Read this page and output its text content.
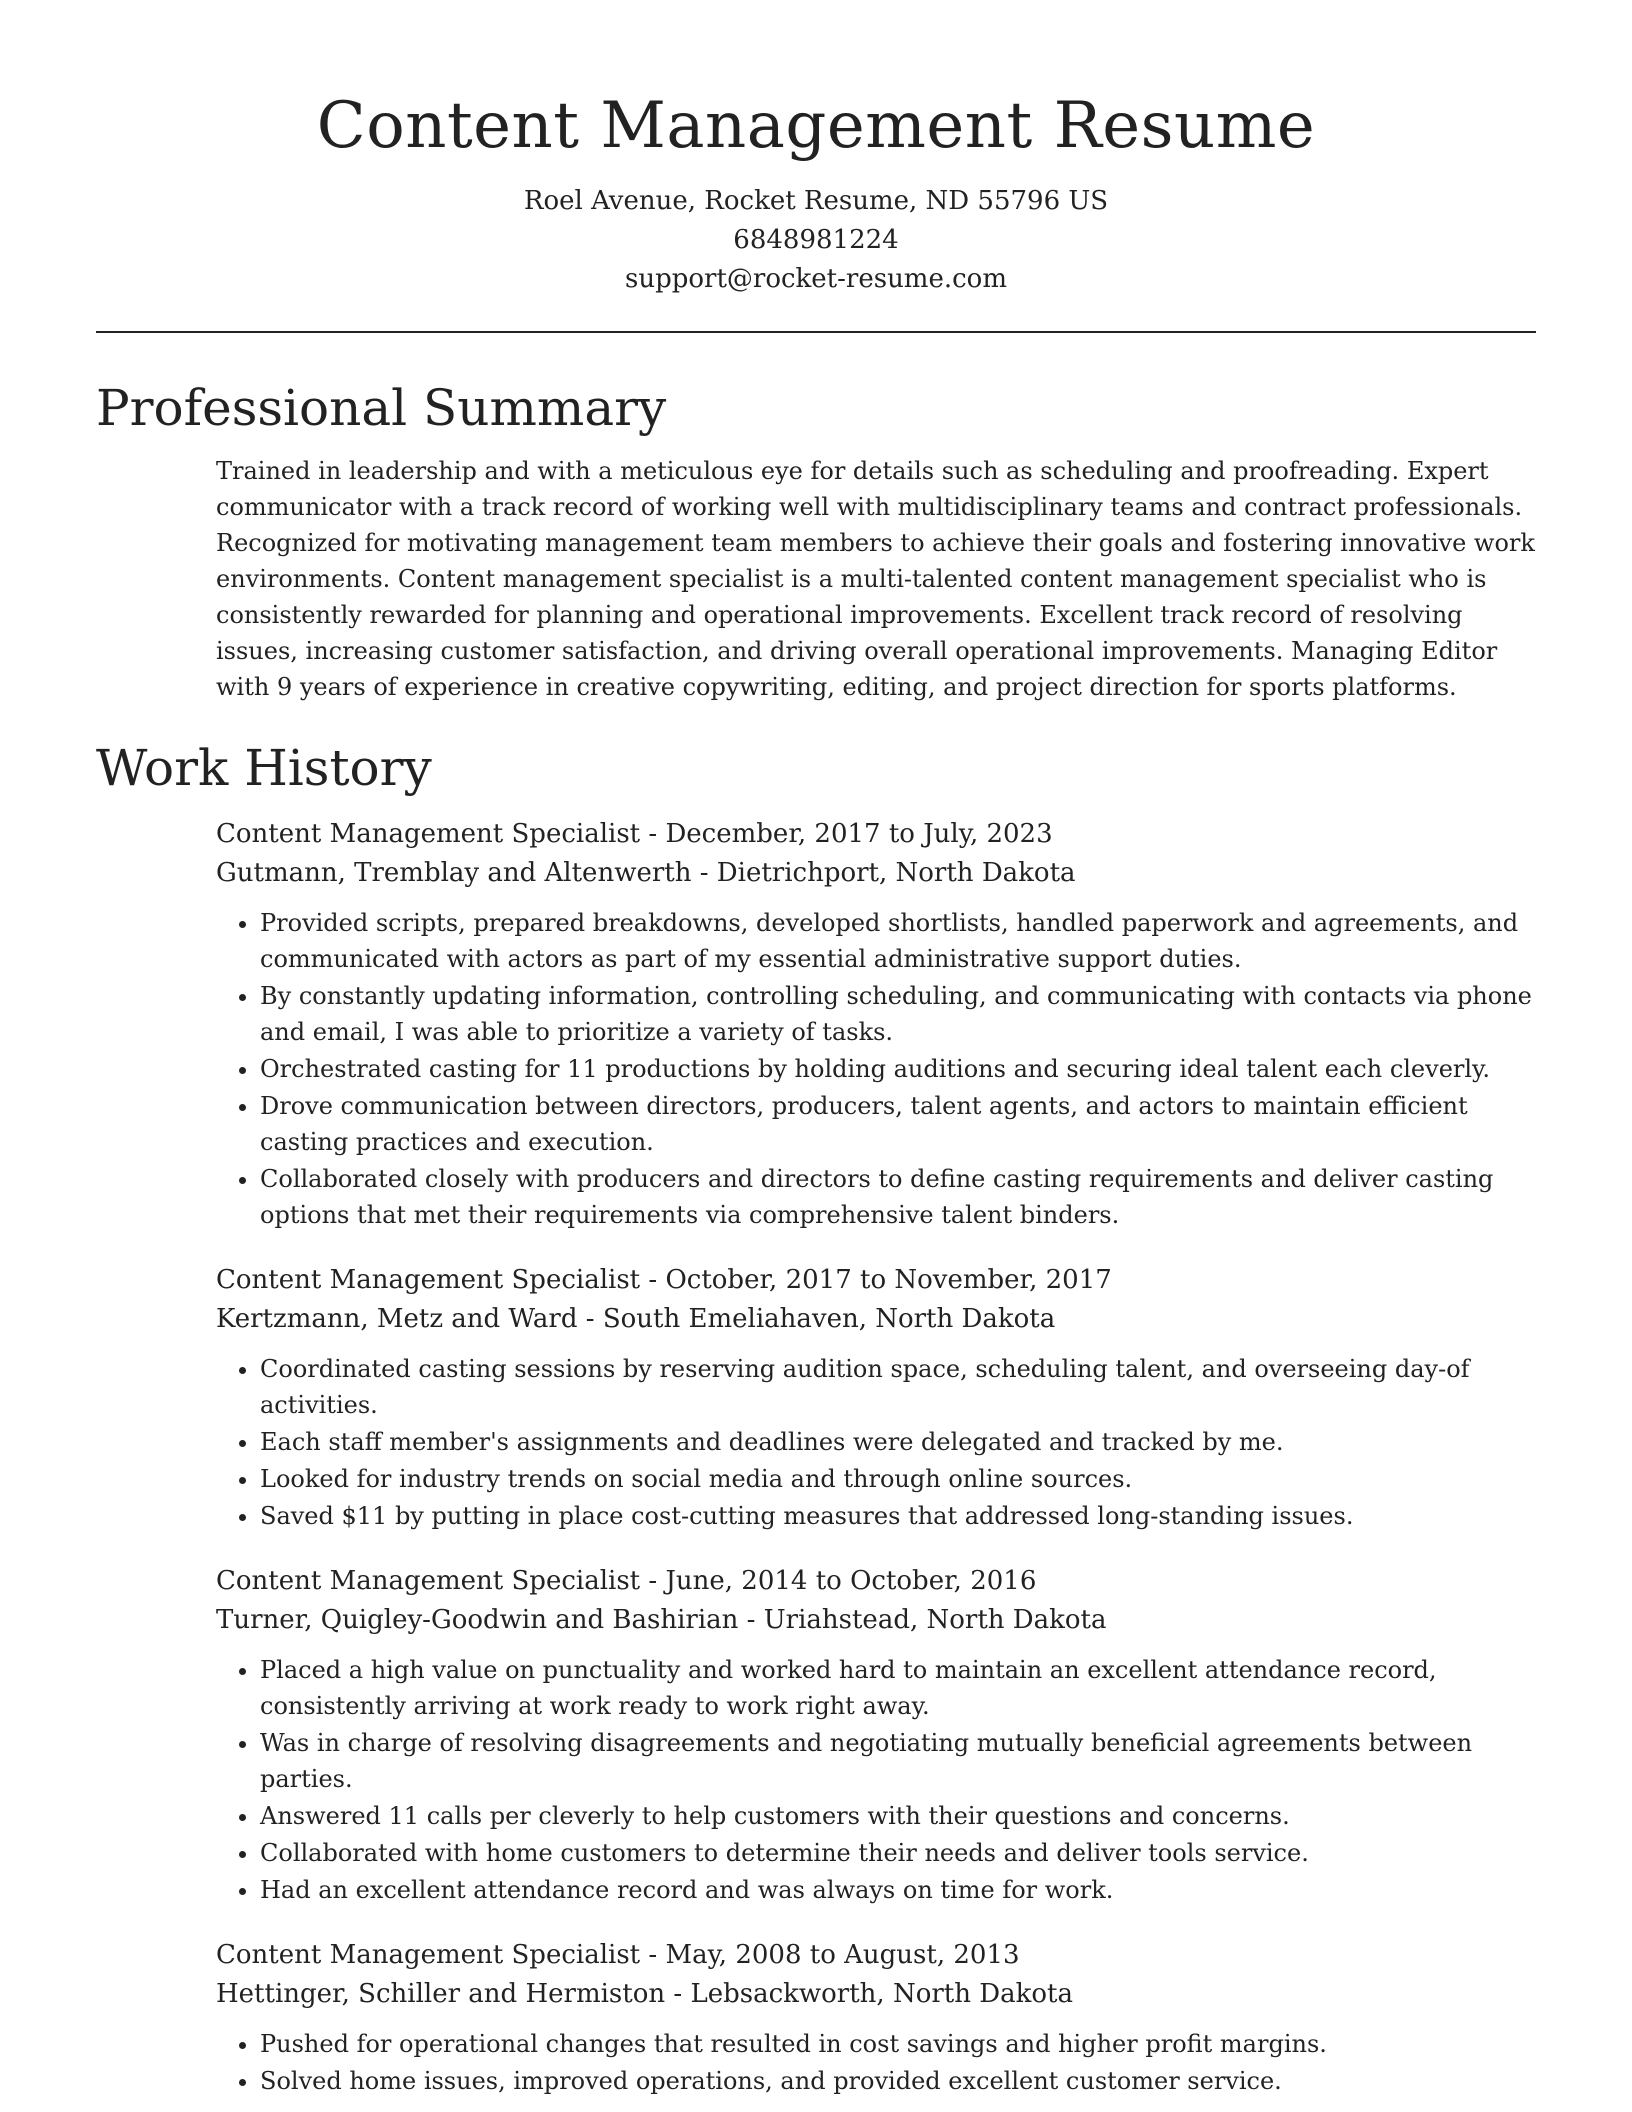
Content Management Resume
Roel Avenue, Rocket Resume, ND 55796 US
6848981224
support@rocket-resume.com
Professional Summary

Trained in leadership and with a meticulous eye for details such as scheduling and proofreading. Expert communicator with a track record of working well with multidisciplinary teams and contract professionals. Recognized for motivating management team members to achieve their goals and fostering innovative work environments. Content management specialist is a multi-talented content management specialist who is consistently rewarded for planning and operational improvements. Excellent track record of resolving issues, increasing customer satisfaction, and driving overall operational improvements. Managing Editor with 9 years of experience in creative copywriting, editing, and project direction for sports platforms.

Work History
Content Management Specialist - December, 2017 to July, 2023
Gutmann, Tremblay and Altenwerth - Dietrichport, North Dakota
• Provided scripts, prepared breakdowns, developed shortlists, handled paperwork and agreements, and communicated with actors as part of my essential administrative support duties.
• By constantly updating information, controlling scheduling, and communicating with contacts via phone and email, I was able to prioritize a variety of tasks.
• Orchestrated casting for 11 productions by holding auditions and securing ideal talent each cleverly.
• Drove communication between directors, producers, talent agents, and actors to maintain efficient casting practices and execution.
• Collaborated closely with producers and directors to define casting requirements and deliver casting options that met their requirements via comprehensive talent binders.
Content Management Specialist - October, 2017 to November, 2017
Kertzmann, Metz and Ward - South Emeliahaven, North Dakota
• Coordinated casting sessions by reserving audition space, scheduling talent, and overseeing day-of activities.
• Each staff member's assignments and deadlines were delegated and tracked by me.
• Looked for industry trends on social media and through online sources.
• Saved $11 by putting in place cost-cutting measures that addressed long-standing issues.
Content Management Specialist - June, 2014 to October, 2016
Turner, Quigley-Goodwin and Bashirian - Uriahstead, North Dakota
• Placed a high value on punctuality and worked hard to maintain an excellent attendance record, consistently arriving at work ready to work right away.
• Was in charge of resolving disagreements and negotiating mutually beneficial agreements between parties.
• Answered 11 calls per cleverly to help customers with their questions and concerns.
• Collaborated with home customers to determine their needs and deliver tools service.
• Had an excellent attendance record and was always on time for work.
Content Management Specialist - May, 2008 to August, 2013
Hettinger, Schiller and Hermiston - Lebsackworth, North Dakota
• Pushed for operational changes that resulted in cost savings and higher profit margins.
• Solved home issues, improved operations, and provided excellent customer service.
